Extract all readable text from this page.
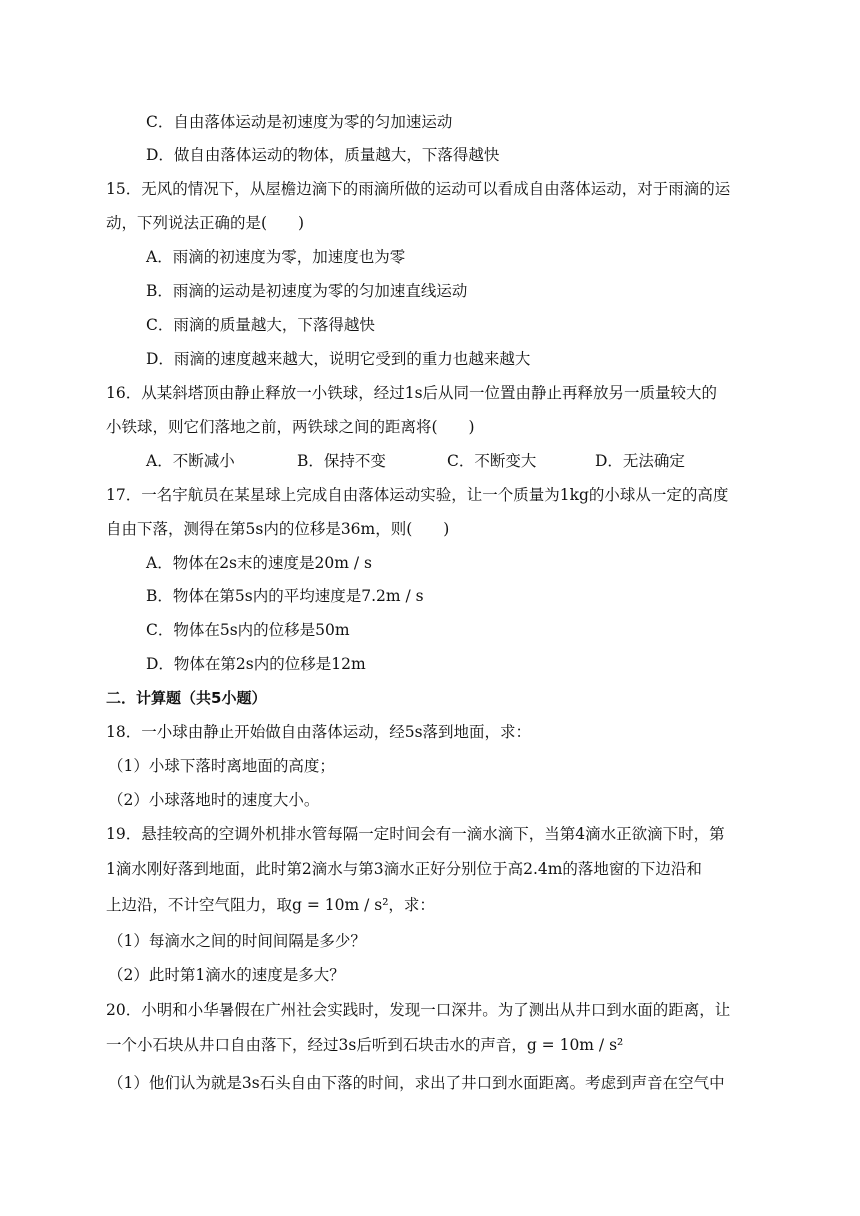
C．自由落体运动是初速度为零的匀加速运动
D．做自由落体运动的物体，质量越大，下落得越快
15．无风的情况下，从屋檐边滴下的雨滴所做的运动可以看成自由落体运动，对于雨滴的运
动，下列说法正确的是(　　)
A．雨滴的初速度为零，加速度也为零
B．雨滴的运动是初速度为零的匀加速直线运动
C．雨滴的质量越大，下落得越快
D．雨滴的速度越来越大，说明它受到的重力也越来越大
16．从某斜塔顶由静止释放一小铁球，经过1s后从同一位置由静止再释放另一质量较大的
小铁球，则它们落地之前，两铁球之间的距离将(　　)
A．不断减小	B．保持不变	C．不断变大	D．无法确定
17．一名宇航员在某星球上完成自由落体运动实验，让一个质量为1kg的小球从一定的高度
自由下落，测得在第5s内的位移是36m，则(　　)
A．物体在2s末的速度是20m / s
B．物体在第5s内的平均速度是7.2m / s
C．物体在5s内的位移是50m
D．物体在第2s内的位移是12m
二．计算题（共5小题）
18．一小球由静止开始做自由落体运动，经5s落到地面，求：
（1）小球下落时离地面的高度；
（2）小球落地时的速度大小。
19．悬挂较高的空调外机排水管每隔一定时间会有一滴水滴下，当第4滴水正欲滴下时，第
1滴水刚好落到地面，此时第2滴水与第3滴水正好分别位于高2.4m的落地窗的下边沿和
上边沿，不计空气阻力，取g = 10m / s²，求：
（1）每滴水之间的时间间隔是多少？
（2）此时第1滴水的速度是多大？
20．小明和小华暑假在广州社会实践时，发现一口深井。为了测出从井口到水面的距离，让
一个小石块从井口自由落下，经过3s后听到石块击水的声音，g = 10m / s²
（1）他们认为就是3s石头自由下落的时间，求出了井口到水面距离。考虑到声音在空气中
